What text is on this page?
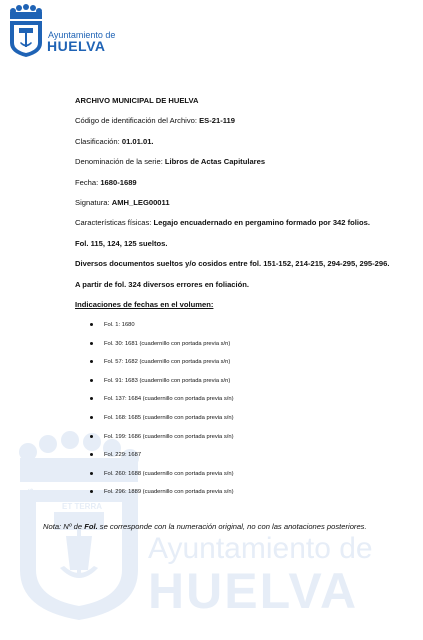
ET TERRA
PORTUS MARIS
CUSTODIA Ayuntamiento de
HUELVA
Ayuntamiento de
HUELVA
ARCHIVO MUNICIPAL DE HUELVA
Código de identificación del Archivo: ES-21-119
Clasificación: 01.01.01.
Denominación de la serie: Libros de Actas Capitulares
Fecha: 1680-1689
Signatura: AMH_LEG00011
Características físicas: Legajo encuadernado en pergamino formado por 342 folios.
Fol. 115, 124, 125 sueltos.
Diversos documentos sueltos y/o cosidos entre fol. 151-152, 214-215, 294-295, 295-296.
A partir de fol. 324 diversos errores en foliación.
Indicaciones de fechas en el volumen:
Fol. 1: 1680
Fol. 30: 1681 (cuadernillo con portada previa s/n)
Fol. 57: 1682 (cuadernillo con portada previa s/n)
Fol. 91: 1683 (cuadernillo con portada previa s/n)
Fol. 137: 1684 (cuadernillo con portada previa s/n)
Fol. 168: 1685 (cuadernillo con portada previa s/n)
Fol. 199: 1686 (cuadernillo con portada previa s/n)
Fol. 229: 1687
Fol. 260: 1688 (cuadernillo con portada previa s/n)
Fol. 296: 1889 (cuadernillo con portada previa s/n)
Nota: Nº de Fol. se corresponde con la numeración original, no con las anotaciones posteriores.
